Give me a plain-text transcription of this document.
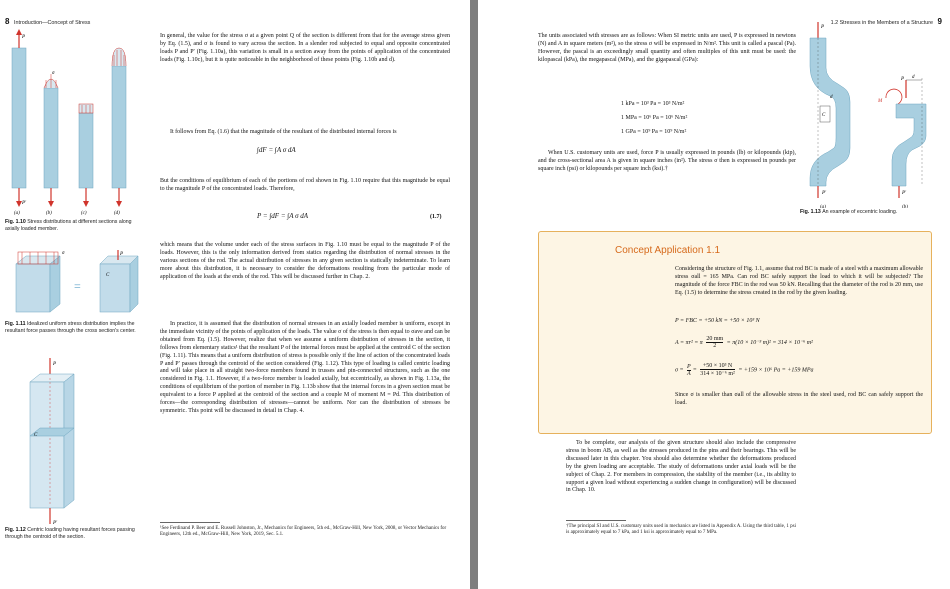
8 Introduction—Concept of Stress
P
P′
σ
(a)	(b)	(c)	(d)
Fig. 1.10 Stress distributions at different sections along axially loaded member.
σ
=
P
C
Fig. 1.11 Idealized uniform stress distribution implies the resultant force passes through the cross section's center.
P
C
P′
Fig. 1.12 Centric loading having resultant forces passing through the centroid of the section.
In general, the value for the stress σ at a given point Q of the section is different from that for the average stress given by Eq. (1.5), and σ is found to vary across the section. In a slender rod subjected to equal and opposite concentrated loads P and P′ (Fig. 1.10a), this variation is small in a section away from the points of application of the concentrated loads (Fig. 1.10c), but it is quite noticeable in the neighborhood of these points (Fig. 1.10b and d).
It follows from Eq. (1.6) that the magnitude of the resultant of the distributed internal forces is
∫dF = ∫A σ dA
But the conditions of equilibrium of each of the portions of rod shown in Fig. 1.10 require that this magnitude be equal to the magnitude P of the concentrated loads. Therefore,
P = ∫dF = ∫A σ dA	(1.7)
which means that the volume under each of the stress surfaces in Fig. 1.10 must be equal to the magnitude P of the loads. However, this is the only information derived from statics regarding the distribution of normal stresses in the various sections of the rod. The actual distribution of stresses in any given section is statically indeterminate. To learn more about this distribution, it is necessary to consider the deformations resulting from the particular mode of application of the loads at the ends of the rod. This will be discussed further in Chap. 2.
In practice, it is assumed that the distribution of normal stresses in an axially loaded member is uniform, except in the immediate vicinity of the points of application of the loads. The value σ of the stress is then equal to σave and can be obtained from Eq. (1.5). However, realize that when we assume a uniform distribution of stresses in the section, it follows from elementary statics¹ that the resultant P of the internal forces must be applied at the centroid C of the section (Fig. 1.11). This means that a uniform distribution of stress is possible only if the line of action of the concentrated loads P and P′ passes through the centroid of the section considered (Fig. 1.12). This type of loading is called centric loading and will take place in all straight two-force members found in trusses and pin-connected structures, such as the one considered in Fig. 1.1. However, if a two-force member is loaded axially, but eccentrically, as shown in Fig. 1.13a, the conditions of equilibrium of the portion of member in Fig. 1.13b show that the internal forces in a given section must be equivalent to a force P applied at the centroid of the section and a couple M of moment M = Pd. This distribution of forces—the corresponding distribution of stresses—cannot be uniform. Nor can the distribution of stresses be symmetric. This point will be discussed in detail in Chap. 4.
¹See Ferdinand P. Beer and E. Russell Johnston, Jr., Mechanics for Engineers, 5th ed., McGraw-Hill, New York, 2008, or Vector Mechanics for Engineers, 12th ed., McGraw-Hill, New York, 2019, Sec. 5.1.
1.2 Stresses in the Members of a Structure 9
The units associated with stresses are as follows: When SI metric units are used, P is expressed in newtons (N) and A in square meters (m²), so the stress σ will be expressed in N/m². This unit is called a pascal (Pa). However, the pascal is an exceedingly small quantity and often multiples of this unit must be used: the kilopascal (kPa), the megapascal (MPa), and the gigapascal (GPa):
1 kPa = 10³ Pa = 10³ N/m²
1 MPa = 10⁶ Pa = 10⁶ N/m²
1 GPa = 10⁹ Pa = 10⁹ N/m²
When U.S. customary units are used, force P is usually expressed in pounds (lb) or kilopounds (kip), and the cross-sectional area A is given in square inches (in²). The stress σ then is expressed in pounds per square inch (psi) or kilopounds per square inch (ksi).†
P
C
d
P′
(a)
P d
M
P′
(b)
Fig. 1.13 An example of eccentric loading.
Concept Application 1.1
Considering the structure of Fig. 1.1, assume that rod BC is made of a steel with a maximum allowable stress σall = 165 MPa. Can rod BC safely support the load to which it will be subjected? The magnitude of the force FBC in the rod was 50 kN. Recalling that the diameter of the rod is 20 mm, use Eq. (1.5) to determine the stress created in the rod by the given loading.
P = FBC = +50 kN = +50 × 10³ N
A = πr² = π $\frac{20 mm}{2} = \pi(10 \times 10^{-3}$ m)² = 314 × 10⁻⁶ m²
$\sigma = \frac{P}{A} = \frac{\text{+50 × 10³ N}}{\text{314 × 10⁻⁶ m²}} = +159 \times 10^6$ Pa = +159 MPa
Since σ is smaller than σall of the allowable stress in the steel used, rod BC can safely support the load.
To be complete, our analysis of the given structure should also include the compressive stress in boom AB, as well as the stresses produced in the pins and their bearings. This will be discussed later in this chapter. You should also determine whether the deformations produced by the given loading are acceptable. The study of deformations under axial loads will be the subject of Chap. 2. For members in compression, the stability of the member (i.e., its ability to support a given load without experiencing a sudden change in configuration) will be discussed in Chap. 10.
†The principal SI and U.S. customary units used in mechanics are listed in Appendix A. Using the third table, 1 psi is approximately equal to 7 kPa, and 1 ksi is approximately equal to 7 MPa.
